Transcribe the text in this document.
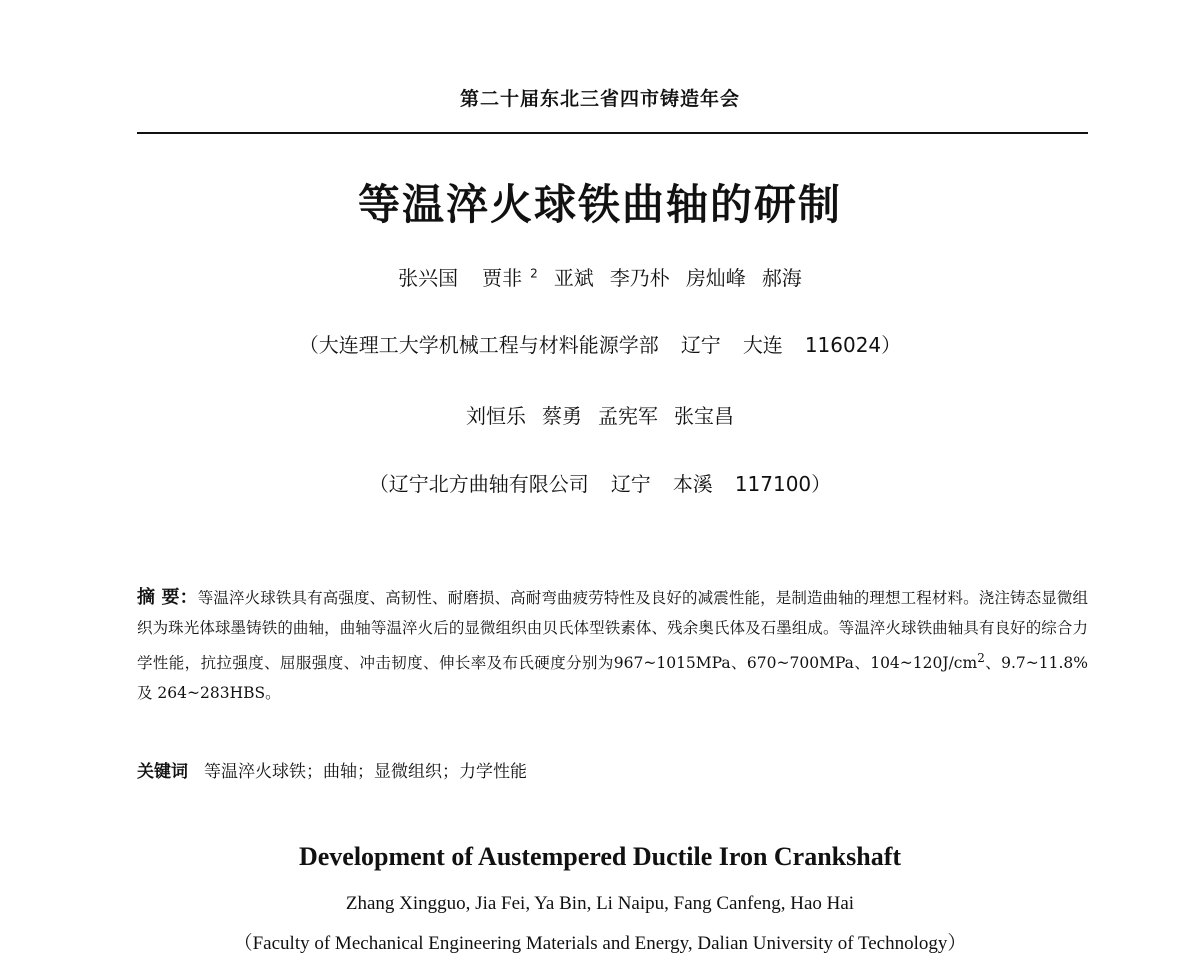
第二十届东北三省四市铸造年会
等温淬火球铁曲轴的研制
张兴国 贾非 $^2$ 亚斌 李乃朴 房灿峰 郝海
（大连理工大学机械工程与材料能源学部 辽宁 大连 116024）
刘恒乐 蔡勇 孟宪军 张宝昌
（辽宁北方曲轴有限公司 辽宁 本溪 117100）
摘 要：等温淬火球铁具有高强度、高韧性、耐磨损、高耐弯曲疲劳特性及良好的减震性能，是制造曲轴的理想工程材料。浇注铸态显微组织为珠光体球墨铸铁的曲轴，曲轴等温淬火后的显微组织由贝氏体型铁素体、残余奥氏体及石墨组成。等温淬火球铁曲轴具有良好的综合力学性能，抗拉强度、屈服强度、冲击韧度、伸长率及布氏硬度分别为967~1015MPa、670~700MPa、$104\sim 120J/cm^2$、9.7~11.8%及 264~283HBS。
关键词 等温淬火球铁；曲轴；显微组织；力学性能
Development of Austempered Ductile Iron Crankshaft
Zhang Xingguo, Jia Fei, Ya Bin, Li Naipu, Fang Canfeng, Hao Hai
（Faculty of Mechanical Engineering Materials and Energy, Dalian University of Technology）
